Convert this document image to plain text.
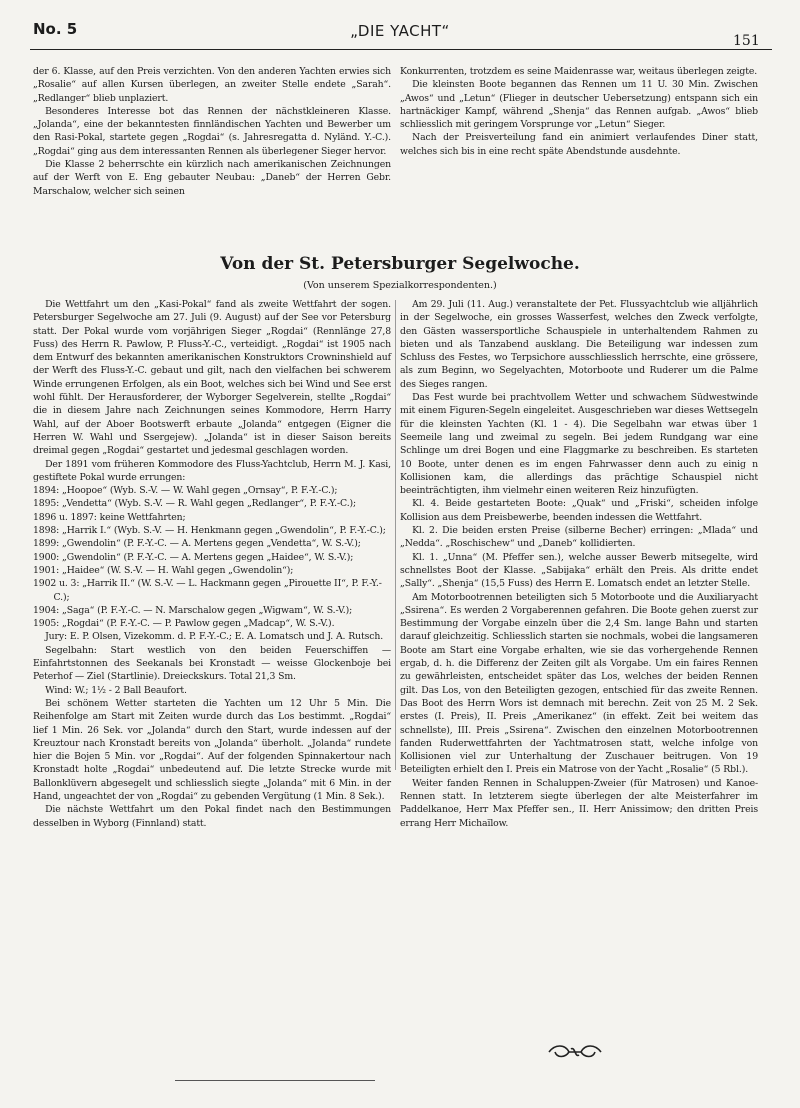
No. 5	„DIE YACHT“
151

der 6. Klasse, auf den Preis verzichten. Von den anderen Yachten erwies sich „Rosalie“ auf allen Kursen überlegen, an zweiter Stelle endete „Sarah“. „Redlanger“ blieb unplaziert.

Besonderes Interesse bot das Rennen der nächstkleineren Klasse. „Jolanda“, eine der bekanntesten finnländischen Yachten und Bewerber um den Rasi-Pokal, startete gegen „Rogdai“ (s. Jahresregatta d. Nyländ. Y.-C.). „Rogdai“ ging aus dem interessanten Rennen als überlegener Sieger hervor.

Die Klasse 2 beherrschte ein kürzlich nach amerikanischen Zeichnungen auf der Werft von E. Eng gebauter Neubau: „Daneb“ der Herren Gebr. Marschalow, welcher sich seinen

Konkurrenten, trotzdem es seine Maidenrasse war, weitaus überlegen zeigte.

Die kleinsten Boote begannen das Rennen um 11 U. 30 Min. Zwischen „Awos“ und „Letun“ (Flieger in deutscher Uebersetzung) entspann sich ein hartnäckiger Kampf, während „Shenja“ das Rennen aufgab. „Awos“ blieb schliesslich mit geringem Vorsprunge vor „Letun“ Sieger.

Nach der Preisverteilung fand ein animiert verlaufendes Diner statt, welches sich bis in eine recht späte Abendstunde ausdehnte.

Von der St. Petersburger Segelwoche.
(Von unserem Spezialkorrespondenten.)

Die Wettfahrt um den „Kasi-Pokal“ fand als zweite Wettfahrt der sogen. Petersburger Segelwoche am 27. Juli (9. August) auf der See vor Petersburg statt. Der Pokal wurde vom vorjährigen Sieger „Rogdai“ (Rennlänge 27,8 Fuss) des Herrn R. Pawlow, P. Fluss-Y.-C., verteidigt. „Rogdai“ ist 1905 nach dem Entwurf des bekannten amerikanischen Konstruktors Crowninshield auf der Werft des Fluss-Y.-C. gebaut und gilt, nach den vielfachen bei schwerem Winde errungenen Erfolgen, als ein Boot, welches sich bei Wind und See erst wohl fühlt. Der Herausforderer, der Wyborger Segelverein, stellte „Rogdai“ die in diesem Jahre nach Zeichnungen seines Kommodore, Herrn Harry Wahl, auf der Aboer Bootswerft erbaute „Jolanda“ entgegen (Eigner die Herren W. Wahl und Ssergejew). „Jolanda“ ist in dieser Saison bereits dreimal gegen „Rogdai“ gestartet und jedesmal geschlagen worden.

Der 1891 vom früheren Kommodore des Fluss-Yachtclub, Herrn M. J. Kasi, gestiftete Pokal wurde errungen:

1894: „Hoopoe“ (Wyb. S.-V. — W. Wahl gegen „Ornsay“, P. F.-Y.-C.);

1895: „Vendetta“ (Wyb. S.-V. — R. Wahl gegen „Redlanger“, P. F.-Y.-C.);

1896 u. 1897: keine Wettfahrten;

1898: „Harrik I.“ (Wyb. S.-V. — H. Henkmann gegen „Gwendolin“, P. F.-Y.-C.);

1899: „Gwendolin“ (P. F.-Y.-C. — A. Mertens gegen „Vendetta“, W. S.-V.);

1900: „Gwendolin“ (P. F.-Y.-C. — A. Mertens gegen „Haidee“, W. S.-V.);

1901: „Haidee“ (W. S.-V. — H. Wahl gegen „Gwendolin“);

1902 u. 3: „Harrik II.“ (W. S.-V. — L. Hackmann gegen „Pirouette II“, P. F.-Y.-C.);

1904: „Saga“ (P. F.-Y.-C. — N. Marschalow gegen „Wigwam“, W. S.-V.);

1905: „Rogdai“ (P. F.-Y.-C. — P. Pawlow gegen „Madcap“, W. S.-V.).

Jury: E. P. Olsen, Vizekomm. d. P. F.-Y.-C.; E. A. Lomatsch und J. A. Rutsch.

Segelbahn: Start westlich von den beiden Feuerschiffen — Einfahrtstonnen des Seekanals bei Kronstadt — weisse Glockenboje bei Peterhof — Ziel (Startlinie). Dreieckskurs. Total 21,3 Sm.

Wind: W.; 1½ - 2 Ball Beaufort.

Bei schönem Wetter starteten die Yachten um 12 Uhr 5 Min. Die Reihenfolge am Start mit Zeiten wurde durch das Los bestimmt. „Rogdai“ lief 1 Min. 26 Sek. vor „Jolanda“ durch den Start, wurde indessen auf der Kreuztour nach Kronstadt bereits von „Jolanda“ überholt. „Jolanda“ rundete hier die Bojen 5 Min. vor „Rogdai“. Auf der folgenden Spinnakertour nach Kronstadt holte „Rogdai“ unbedeutend auf. Die letzte Strecke wurde mit Ballonklüvern abgesegelt und schliesslich siegte „Jolanda“ mit 6 Min. in der Hand, ungeachtet der von „Rogdai“ zu gebenden Vergütung (1 Min. 8 Sek.).

Die nächste Wettfahrt um den Pokal findet nach den Bestimmungen desselben in Wyborg (Finnland) statt.

Am 29. Juli (11. Aug.) veranstaltete der Pet. Flussyachtclub wie alljährlich in der Segelwoche, ein grosses Wasserfest, welches den Zweck verfolgte, den Gästen wassersportliche Schauspiele in unterhaltendem Rahmen zu bieten und als Tanzabend ausklang. Die Beteiligung war indessen zum Schluss des Festes, wo Terpsichore ausschliesslich herrschte, eine grössere, als zum Beginn, wo Segelyachten, Motorboote und Ruderer um die Palme des Sieges rangen.

Das Fest wurde bei prachtvollem Wetter und schwachem Südwestwinde mit einem Figuren-Segeln eingeleitet. Ausgeschrieben war dieses Wettsegeln für die kleinsten Yachten (Kl. 1 - 4). Die Segelbahn war etwas über 1 Seemeile lang und zweimal zu segeln. Bei jedem Rundgang war eine Schlinge um drei Bogen und eine Flaggmarke zu beschreiben. Es starteten 10 Boote, unter denen es im engen Fahrwasser denn auch zu einig n Kollisionen kam, die allerdings das prächtige Schauspiel nicht beeinträchtigten, ihm vielmehr einen weiteren Reiz hinzufügten.

Kl. 4. Beide gestarteten Boote: „Quak“ und „Friski“, scheiden infolge Kollision aus dem Preisbewerbe, beenden indessen die Wettfahrt.

Kl. 2. Die beiden ersten Preise (silberne Becher) erringen: „Mlada“ und „Nedda“. „Roschischew“ und „Daneb“ kollidierten.

Kl. 1. „Unna“ (M. Pfeffer sen.), welche ausser Bewerb mitsegelte, wird schnellstes Boot der Klasse. „Sabijaka“ erhält den Preis. Als dritte endet „Sally“. „Shenja“ (15,5 Fuss) des Herrn E. Lomatsch endet an letzter Stelle.

Am Motorbootrennen beteiligten sich 5 Motorboote und die Auxiliaryacht „Ssirena“. Es werden 2 Vorgaberennen gefahren. Die Boote gehen zuerst zur Bestimmung der Vorgabe einzeln über die 2,4 Sm. lange Bahn und starten darauf gleichzeitig. Schliesslich starten sie nochmals, wobei die langsameren Boote am Start eine Vorgabe erhalten, wie sie das vorhergehende Rennen ergab, d. h. die Differenz der Zeiten gilt als Vorgabe. Um ein faires Rennen zu gewährleisten, entscheidet später das Los, welches der beiden Rennen gilt. Das Los, von den Beteiligten gezogen, entschied für das zweite Rennen. Das Boot des Herrn Wors ist demnach mit berechn. Zeit von 25 M. 2 Sek. erstes (I. Preis), II. Preis „Amerikanez“ (in effekt. Zeit bei weitem das schnellste), III. Preis „Ssirena“. Zwischen den einzelnen Motorbootrennen fanden Ruderwettfahrten der Yachtmatrosen statt, welche infolge von Kollisionen viel zur Unterhaltung der Zuschauer beitrugen. Von 19 Beteiligten erhielt den I. Preis ein Matrose von der Yacht „Rosalie“ (5 Rbl.).

Weiter fanden Rennen in Schaluppen-Zweier (für Matrosen) und Kanoe-Rennen statt. In letzterem siegte überlegen der alte Meisterfahrer im Paddelkanoe, Herr Max Pfeffer sen., II. Herr Anissimow; den dritten Preis errang Herr Michaïlow.
